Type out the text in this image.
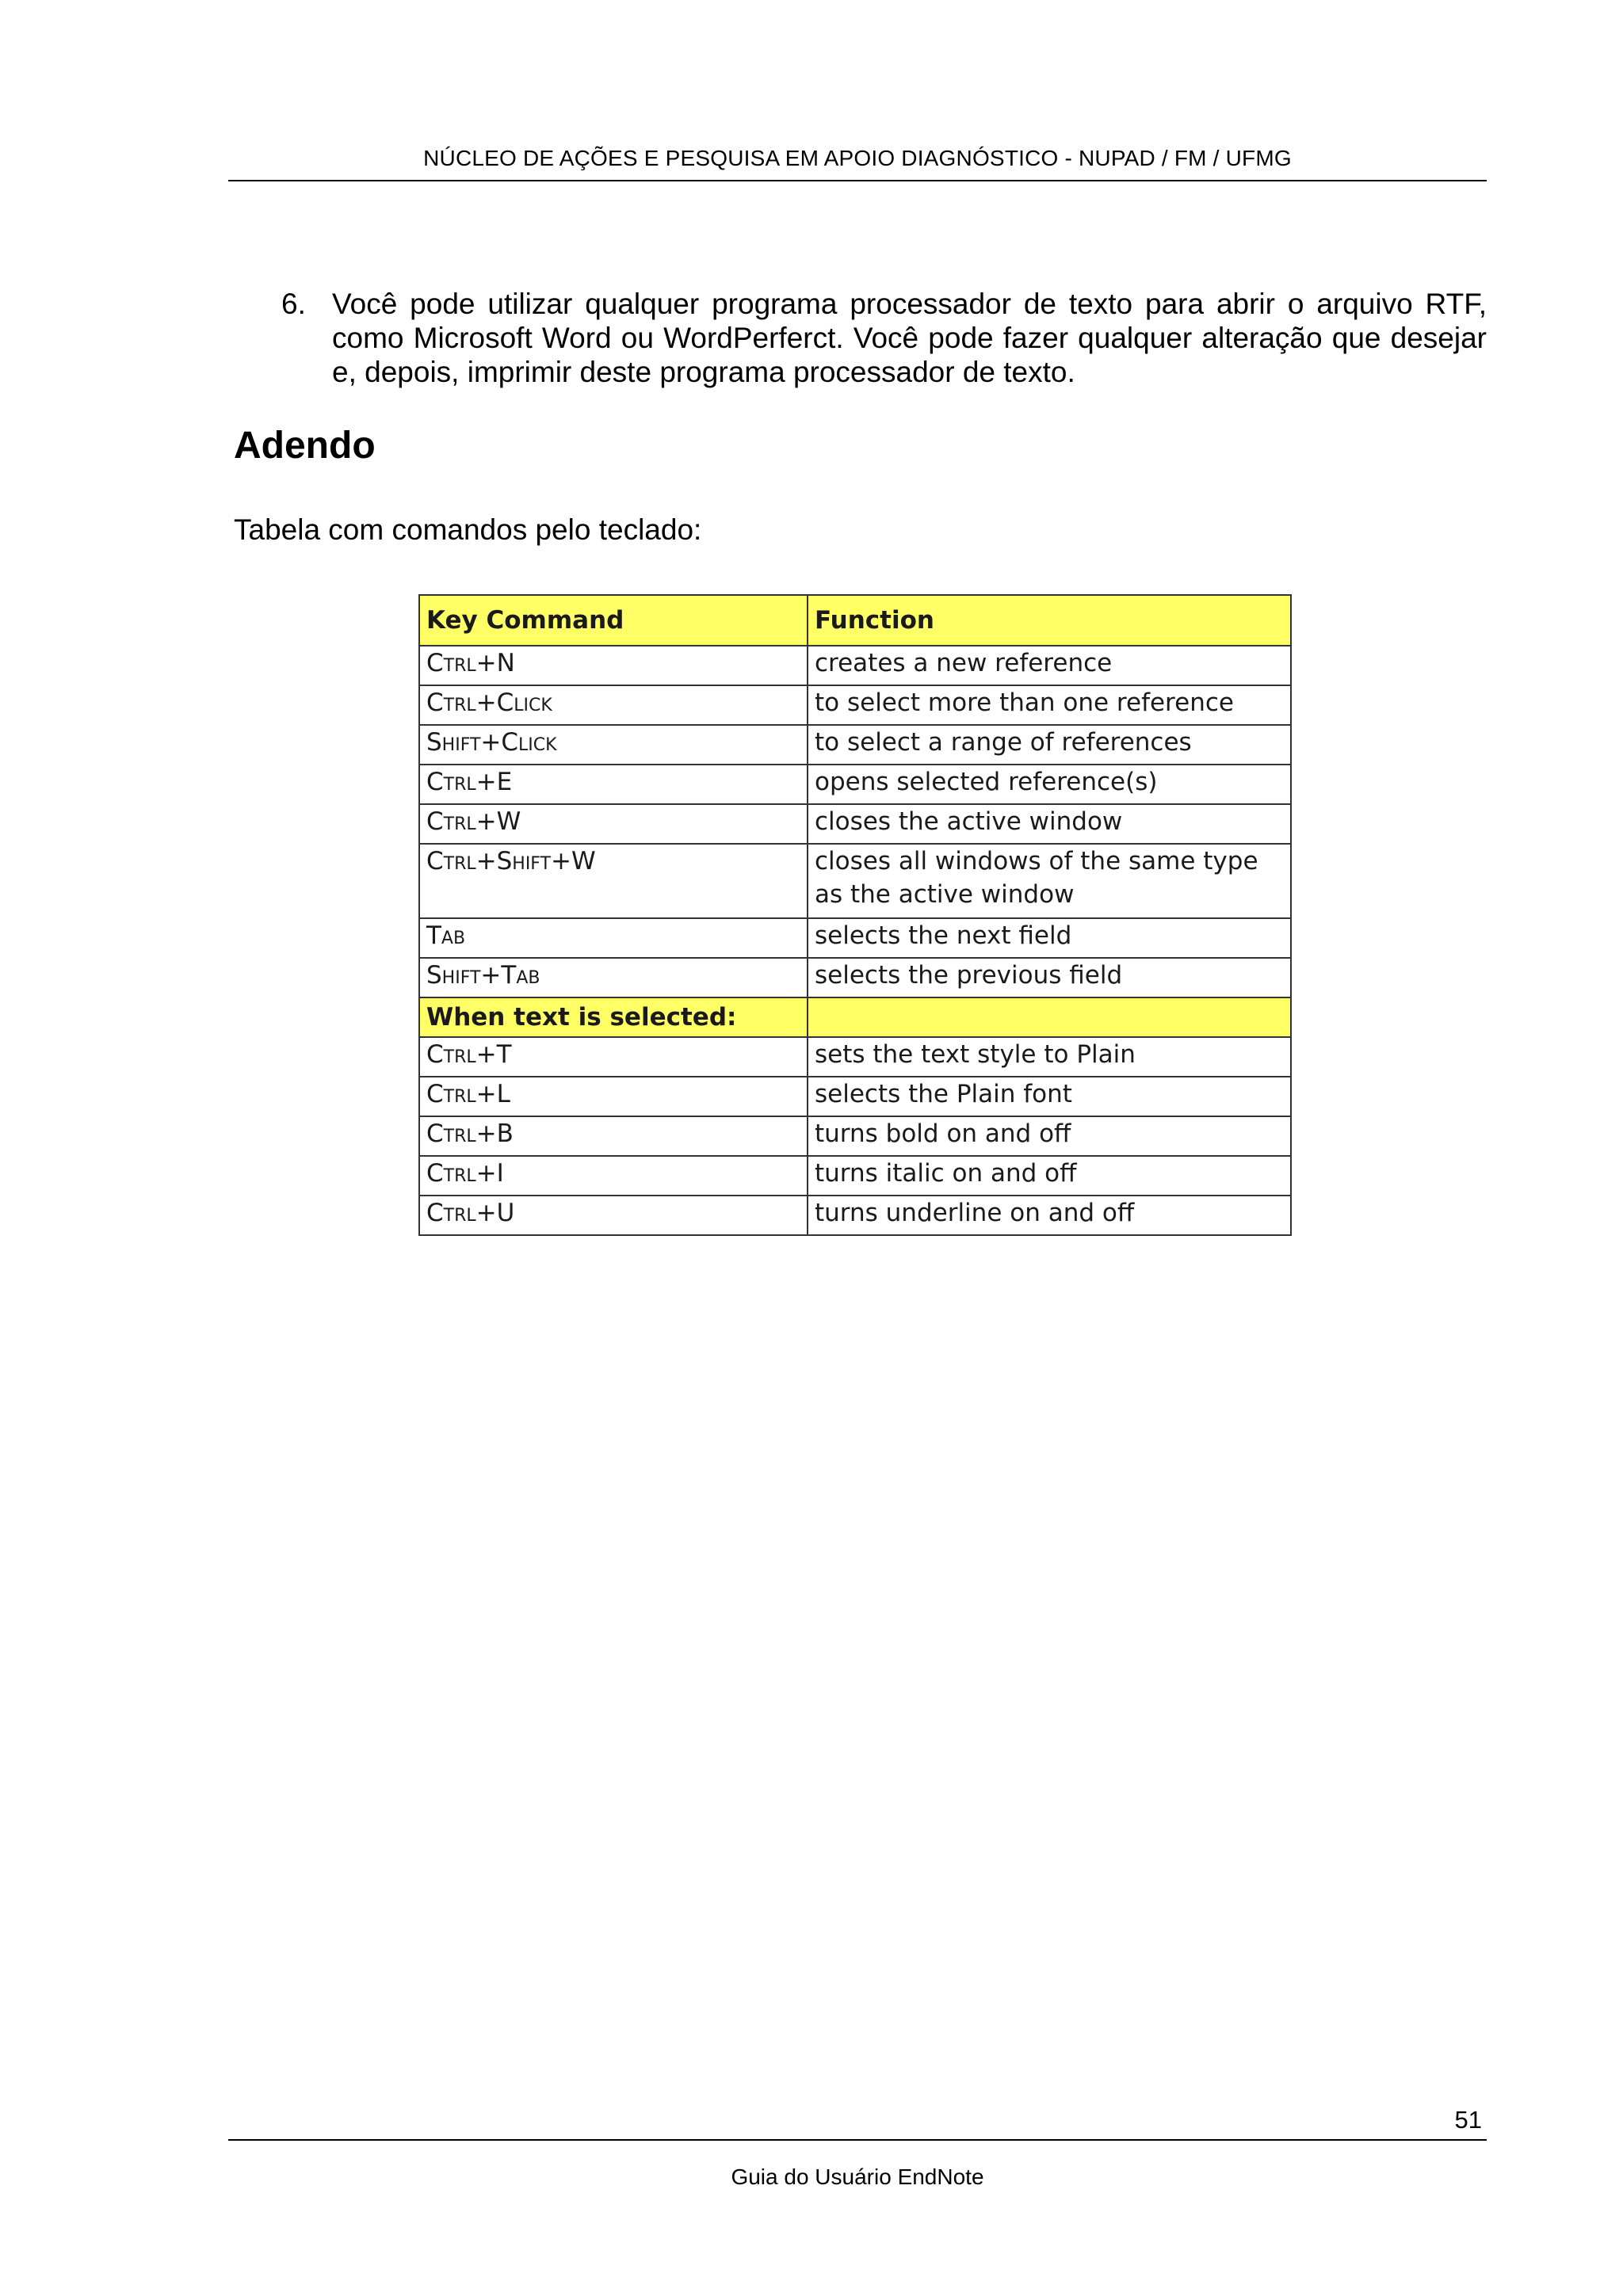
NÚCLEO DE AÇÕES E PESQUISA EM APOIO DIAGNÓSTICO - NUPAD / FM / UFMG
6. Você pode utilizar qualquer programa processador de texto para abrir o arquivo RTF, como Microsoft Word ou WordPerferct. Você pode fazer qualquer alteração que desejar e, depois, imprimir deste programa processador de texto.
Adendo
Tabela com comandos pelo teclado:
Key Command	Function
Ctrl+N	creates a new reference
Ctrl+Click	to select more than one reference
Shift+Click	to select a range of references
Ctrl+E	opens selected reference(s)
Ctrl+W	closes the active window
Ctrl+Shift+W	closes all windows of the same type as the active window
Tab	selects the next field
Shift+Tab	selects the previous field
When text is selected:	
Ctrl+T	sets the text style to Plain
Ctrl+L	selects the Plain font
Ctrl+B	turns bold on and off
Ctrl+I	turns italic on and off
Ctrl+U	turns underline on and off
51
Guia do Usuário EndNote
